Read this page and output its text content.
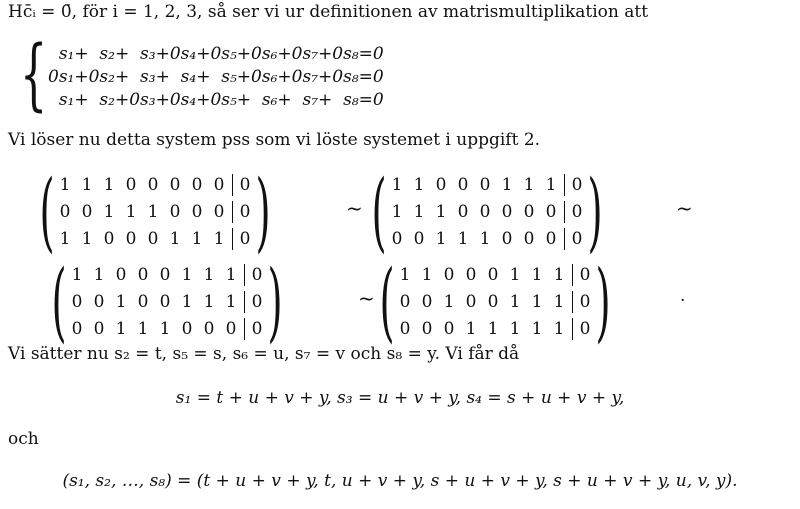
Hc̄ᵢ = 0̄, för i = 1, 2, 3, så ser vi ur definitionen av matrismultiplikation att
{ s₁	+	s₂	+	s₃	+	0s₄	+	0s₅	+	0s₆	+	0s₇	+	0s₈	=	0
0s₁	+	0s₂	+	s₃	+	s₄	+	s₅	+	0s₆	+	0s₇	+	0s₈	=	0
s₁	+	s₂	+	0s₃	+	0s₄	+	0s₅	+	s₆	+	s₇	+	s₈	=	0
Vi löser nu detta system pss som vi löste systemet i uppgift 2.
( 1 1 1 0 0 0 0 0 0
0 0 1 1 1 0 0 0 0
1 1 0 0 0 1 1 1 0 )	~ ( 1 1 0 0 0 1 1 1 0
1 1 1 0 0 0 0 0 0
0 0 1 1 1 0 0 0 0 )	~
( 1 1 0 0 0 1 1 1 0
0 0 1 0 0 1 1 1 0
0 0 1 1 1 0 0 0 0 )	~ ( 1 1 0 0 0 1 1 1 0
0 0 1 0 0 1 1 1 0
0 0 0 1 1 1 1 1 0 )	.
Vi sätter nu s₂ = t, s₅ = s, s₆ = u, s₇ = v och s₈ = y. Vi får då
s₁ = t + u + v + y, s₃ = u + v + y, s₄ = s + u + v + y,
och
(s₁, s₂, …, s₈) = (t + u + v + y, t, u + v + y, s + u + v + y, s + u + v + y, u, v, y).
